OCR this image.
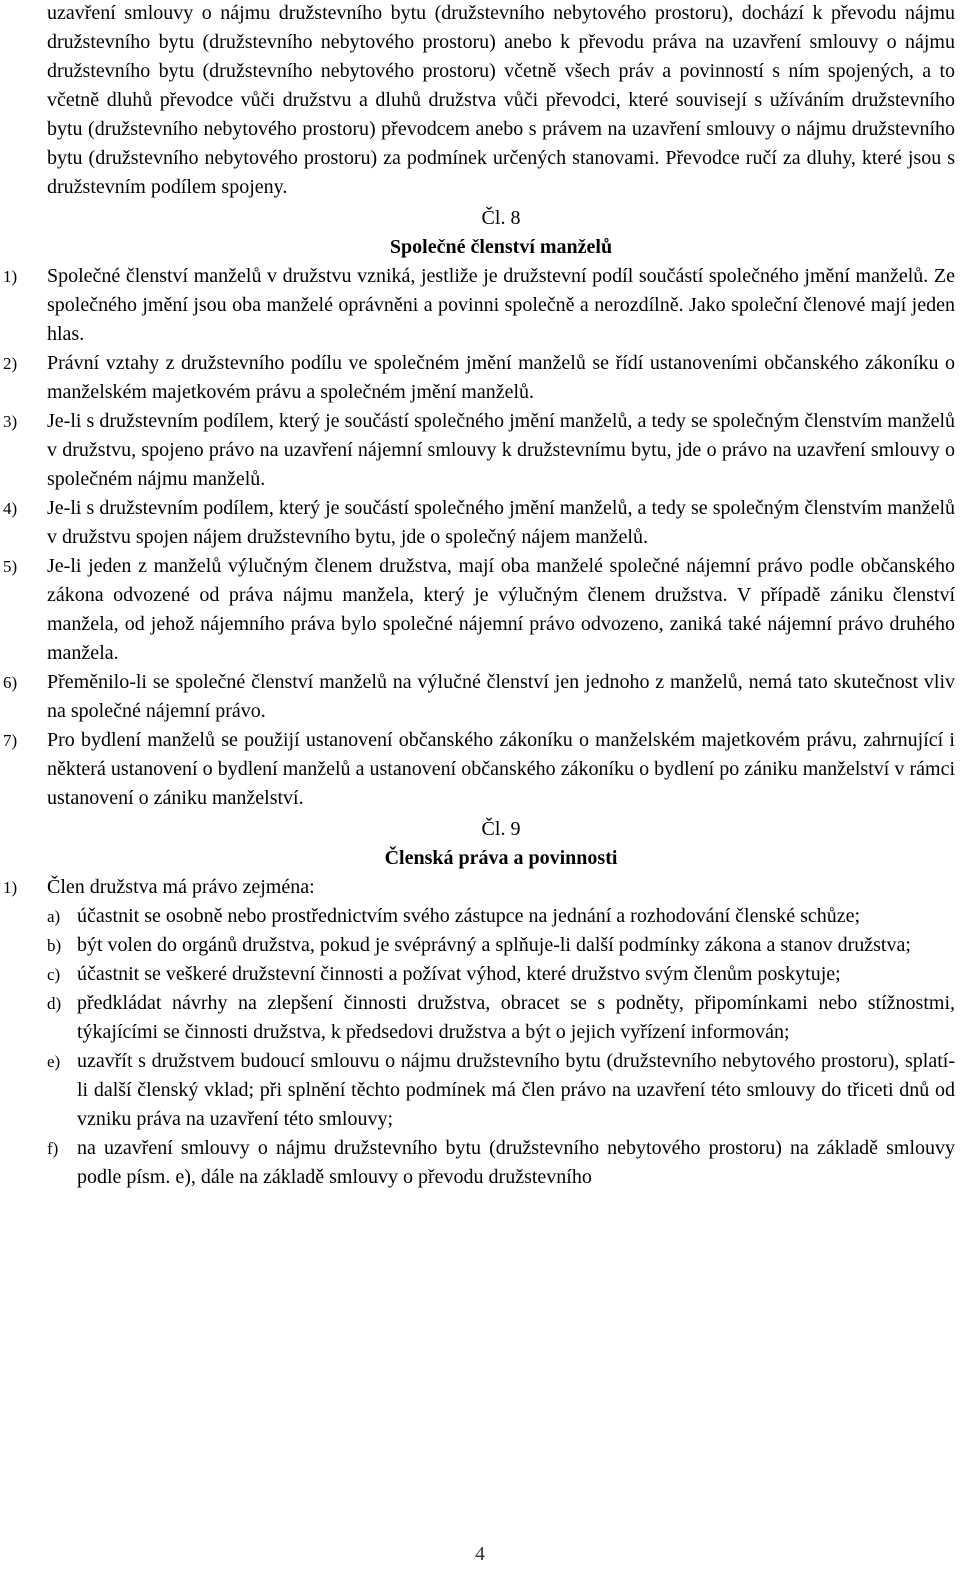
uzavření smlouvy o nájmu družstevního bytu (družstevního nebytového prostoru), dochází k převodu nájmu družstevního bytu (družstevního nebytového prostoru) anebo k převodu práva na uzavření smlouvy o nájmu družstevního bytu (družstevního nebytového prostoru) včetně všech práv a povinností s ním spojených, a to včetně dluhů převodce vůči družstvu a dluhů družstva vůči převodci, které souvisejí s užíváním družstevního bytu (družstevního nebytového prostoru) převodcem anebo s právem na uzavření smlouvy o nájmu družstevního bytu (družstevního nebytového prostoru) za podmínek určených stanovami. Převodce ručí za dluhy, které jsou s družstevním podílem spojeny.

Čl. 8

Společné členství manželů

1) Společné členství manželů v družstvu vzniká, jestliže je družstevní podíl součástí společného jmění manželů. Ze společného jmění jsou oba manželé oprávněni a povinni společně a nerozdílně. Jako společní členové mají jeden hlas.

2) Právní vztahy z družstevního podílu ve společném jmění manželů se řídí ustanoveními občanského zákoníku o manželském majetkovém právu a společném jmění manželů.

3) Je-li s družstevním podílem, který je součástí společného jmění manželů, a tedy se společným členstvím manželů v družstvu, spojeno právo na uzavření nájemní smlouvy k družstevnímu bytu, jde o právo na uzavření smlouvy o společném nájmu manželů.

4) Je-li s družstevním podílem, který je součástí společného jmění manželů, a tedy se společným členstvím manželů v družstvu spojen nájem družstevního bytu, jde o společný nájem manželů.

5) Je-li jeden z manželů výlučným členem družstva, mají oba manželé společné nájemní právo podle občanského zákona odvozené od práva nájmu manžela, který je výlučným členem družstva. V případě zániku členství manžela, od jehož nájemního práva bylo společné nájemní právo odvozeno, zaniká také nájemní právo druhého manžela.

6) Přeměnilo-li se společné členství manželů na výlučné členství jen jednoho z manželů, nemá tato skutečnost vliv na společné nájemní právo.

7) Pro bydlení manželů se použijí ustanovení občanského zákoníku o manželském majetkovém právu, zahrnující i některá ustanovení o bydlení manželů a ustanovení občanského zákoníku o bydlení po zániku manželství v rámci ustanovení o zániku manželství.

Čl. 9

Členská práva a povinnosti

1) Člen družstva má právo zejména:

a) účastnit se osobně nebo prostřednictvím svého zástupce na jednání a rozhodování členské schůze;

b) být volen do orgánů družstva, pokud je svéprávný a splňuje-li další podmínky zákona a stanov družstva;

c) účastnit se veškeré družstevní činnosti a požívat výhod, které družstvo svým členům poskytuje;

d) předkládat návrhy na zlepšení činnosti družstva, obracet se s podněty, připomínkami nebo stížnostmi, týkajícími se činnosti družstva, k předsedovi družstva a být o jejich vyřízení informován;

e) uzavřít s družstvem budoucí smlouvu o nájmu družstevního bytu (družstevního nebytového prostoru), splatí-li další členský vklad; při splnění těchto podmínek má člen právo na uzavření této smlouvy do třiceti dnů od vzniku práva na uzavření této smlouvy;

f) na uzavření smlouvy o nájmu družstevního bytu (družstevního nebytového prostoru) na základě smlouvy podle písm. e), dále na základě smlouvy o převodu družstevního

4
